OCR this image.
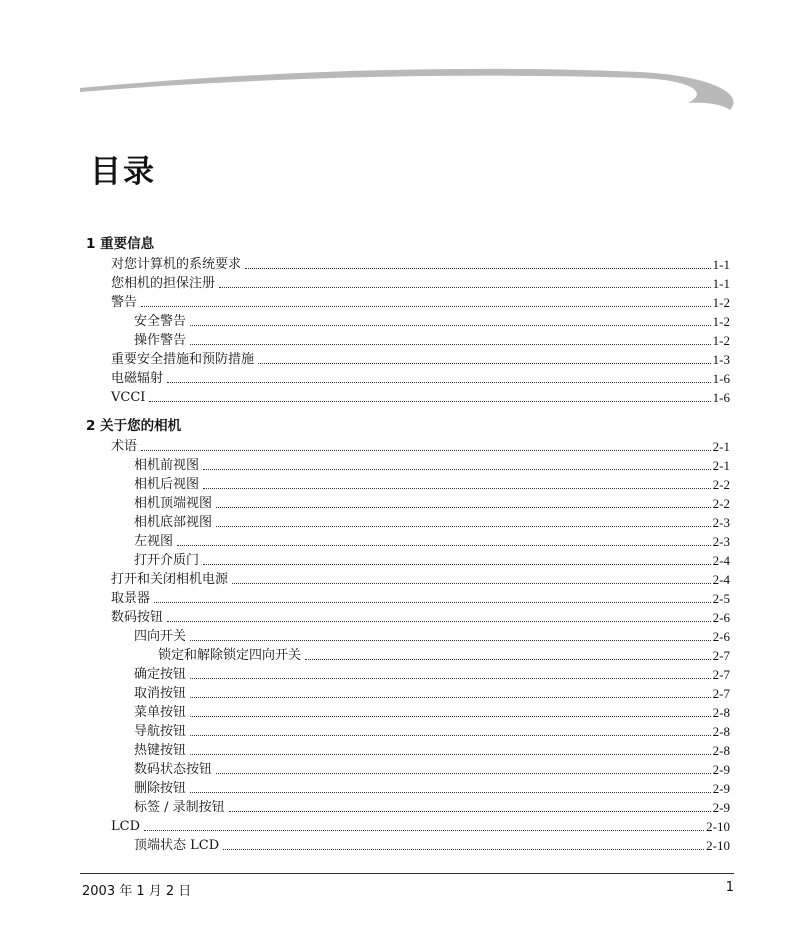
目录
1 重要信息
对您计算机的系统要求	1-1
您相机的担保注册	1-1
警告	1-2
安全警告	1-2
操作警告	1-2
重要安全措施和预防措施	1-3
电磁辐射	1-6
VCCI	1-6
2 关于您的相机
术语	2-1
相机前视图	2-1
相机后视图	2-2
相机顶端视图	2-2
相机底部视图	2-3
左视图	2-3
打开介质门	2-4
打开和关闭相机电源	2-4
取景器	2-5
数码按钮	2-6
四向开关	2-6
锁定和解除锁定四向开关	2-7
确定按钮	2-7
取消按钮	2-7
菜单按钮	2-8
导航按钮	2-8
热键按钮	2-8
数码状态按钮	2-9
删除按钮	2-9
标签 / 录制按钮	2-9
LCD	2-10
顶端状态 LCD	2-10
2003 年 1 月 2 日	1
